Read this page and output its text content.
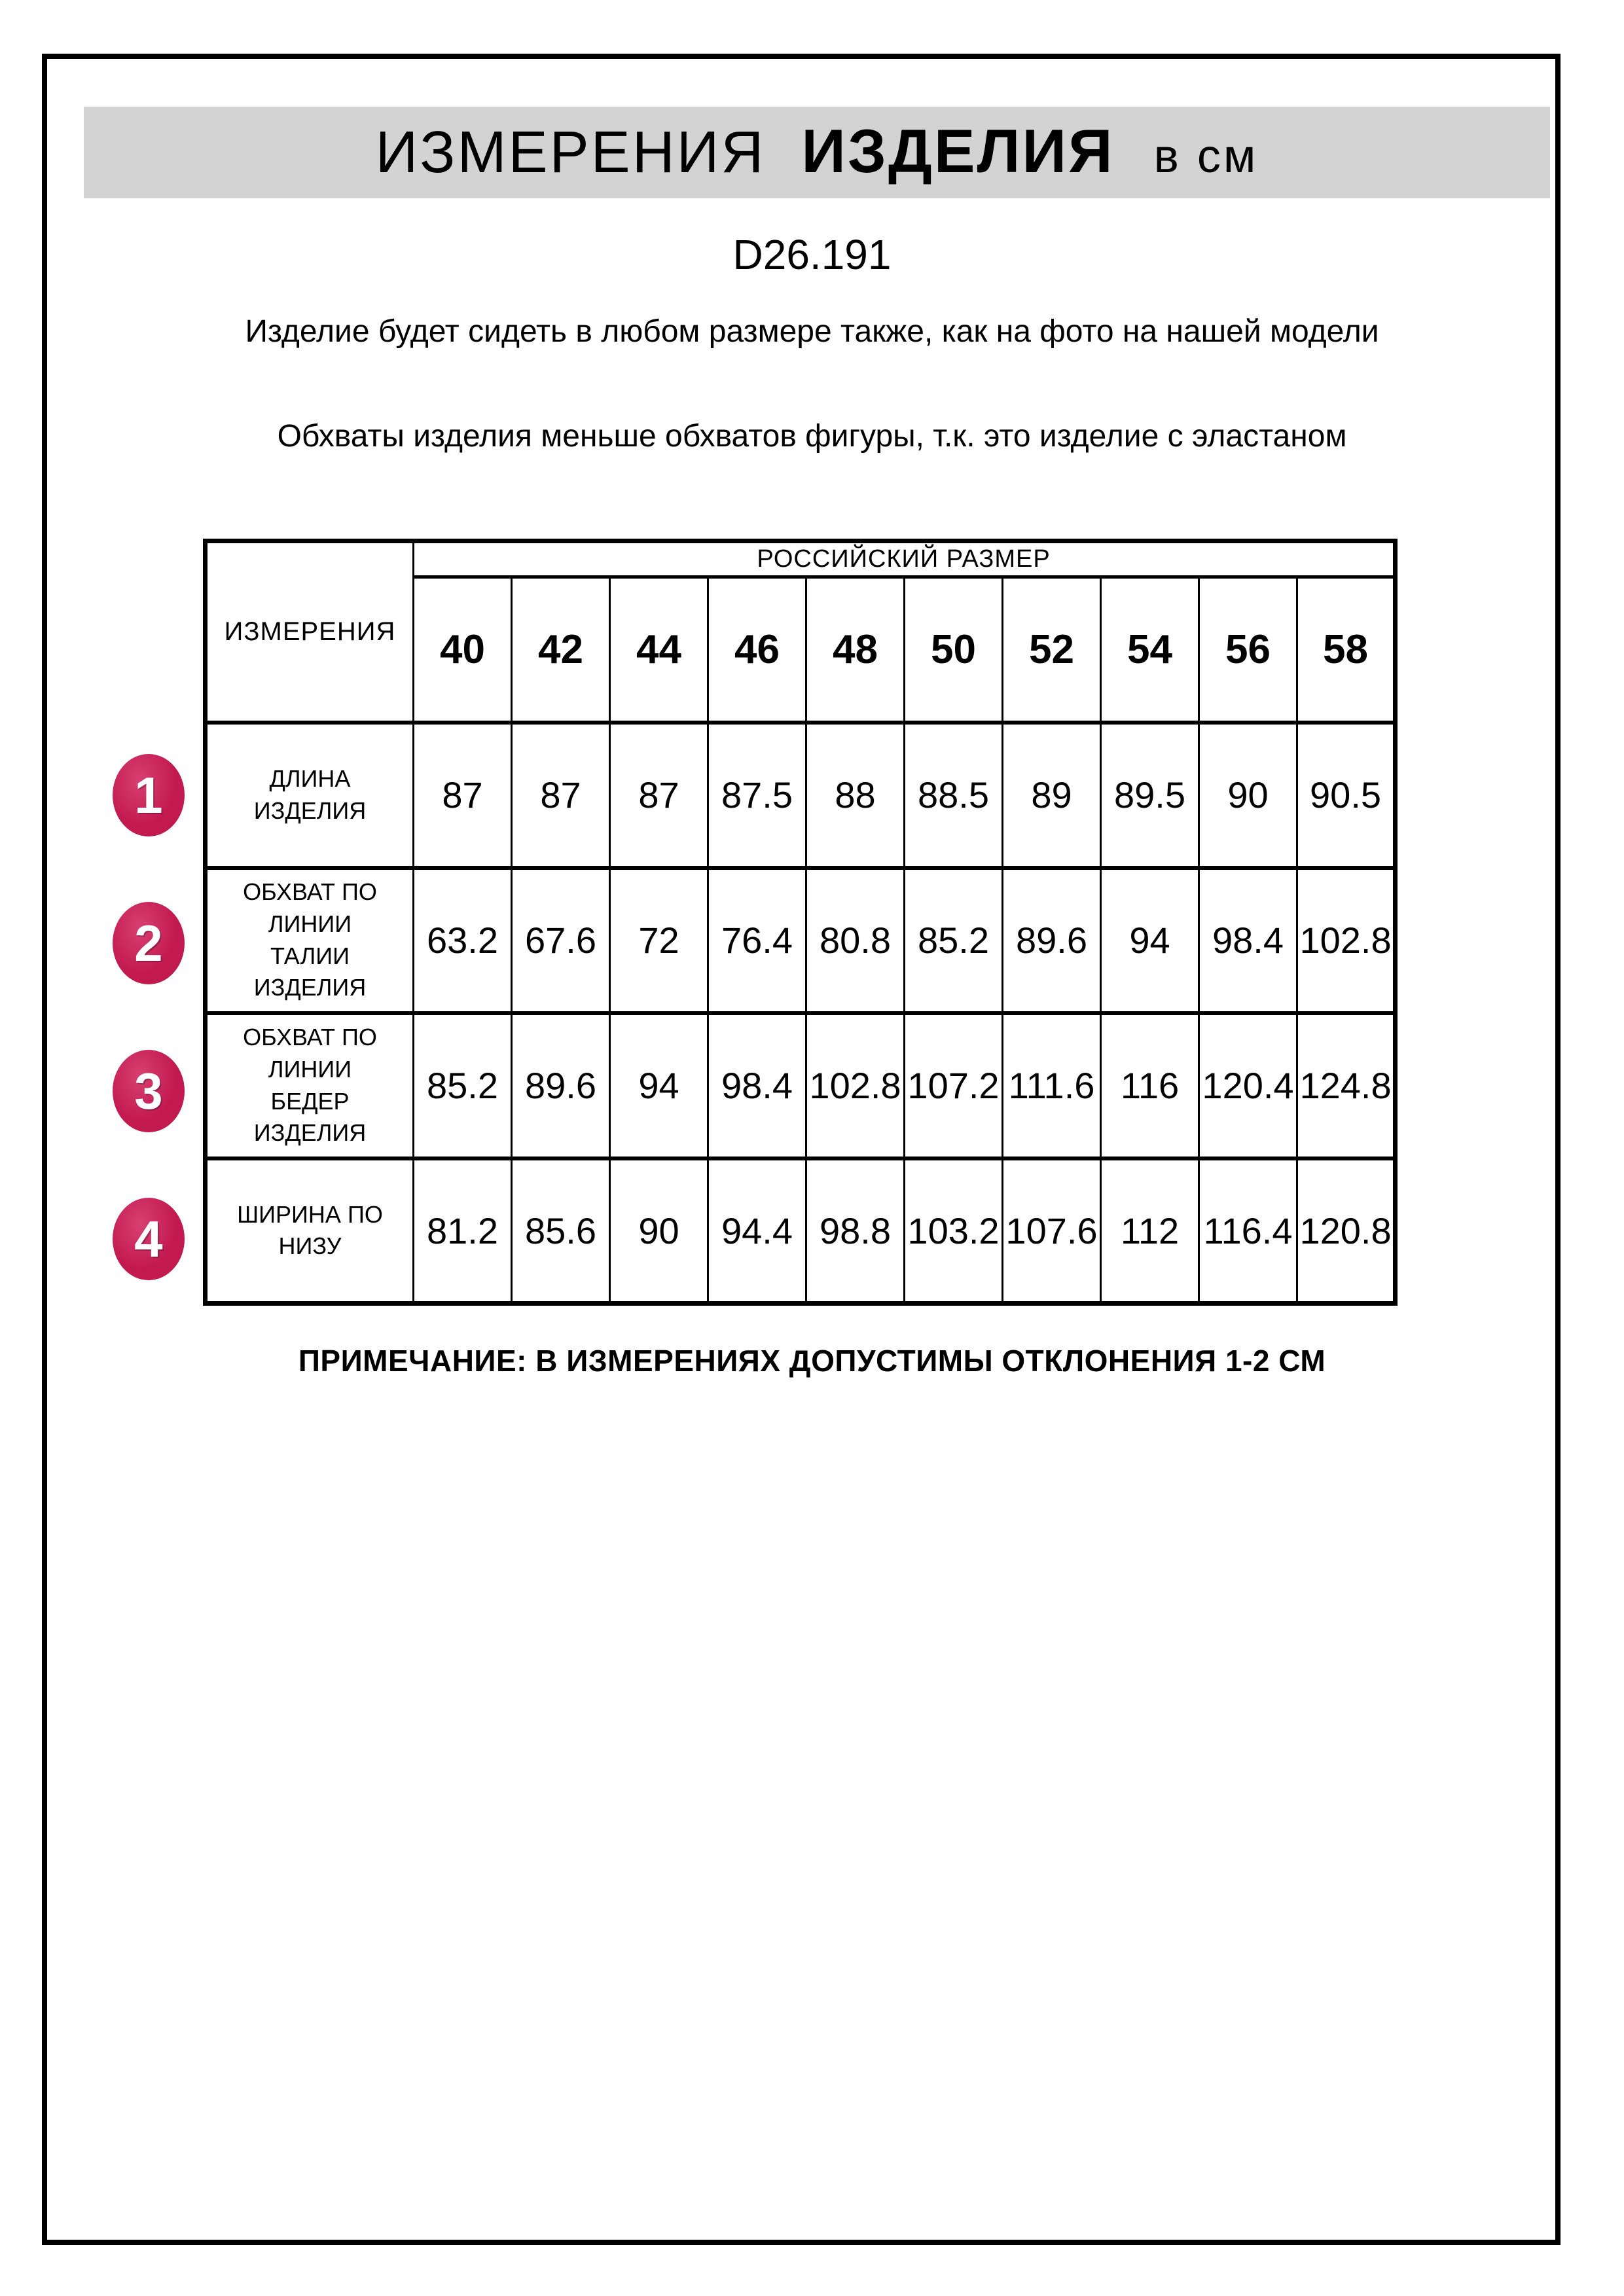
ИЗМЕРЕНИЯ ИЗДЕЛИЯ в см
D26.191

Изделие будет сидеть в любом размере также, как на фото на нашей модели

Обхваты изделия меньше обхватов фигуры, т.к. это изделие с эластаном

ИЗМЕРЕНИЯ	РОССИЙСКИЙ РАЗМЕР									
	40	42	44	46	48	50	52	54	56	58
ДЛИНА ИЗДЕЛИЯ	87	87	87	87.5	88	88.5	89	89.5	90	90.5
ОБХВАТ ПО ЛИНИИ ТАЛИИ ИЗДЕЛИЯ	63.2	67.6	72	76.4	80.8	85.2	89.6	94	98.4	102.8
ОБХВАТ ПО ЛИНИИ БЕДЕР ИЗДЕЛИЯ	85.2	89.6	94	98.4	102.8	107.2	111.6	116	120.4	124.8
ШИРИНА ПО НИЗУ	81.2	85.6	90	94.4	98.8	103.2	107.6	112	116.4	120.8
ПРИМЕЧАНИЕ: В ИЗМЕРЕНИЯХ ДОПУСТИМЫ ОТКЛОНЕНИЯ 1-2 СМ
1
2
3
4
